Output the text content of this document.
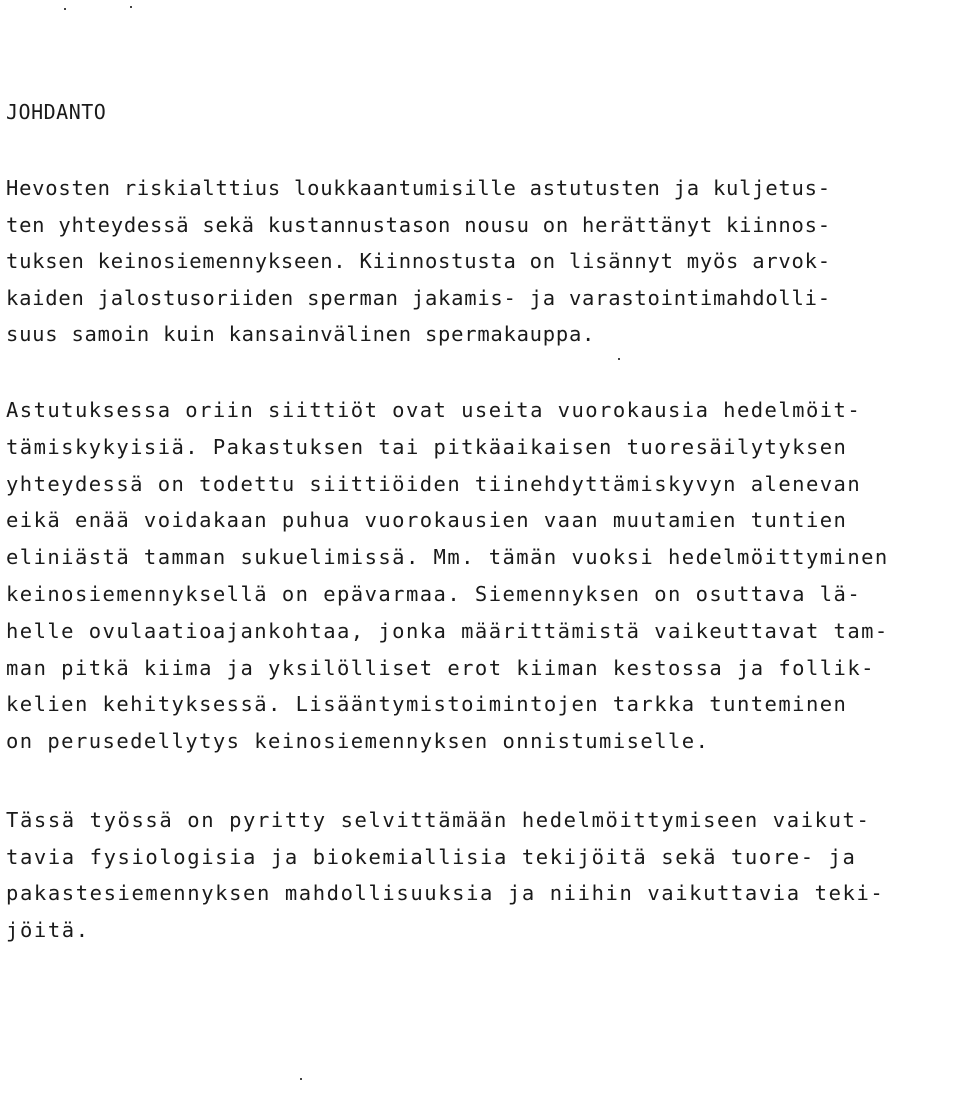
JOHDANTO
Hevosten riskialttius loukkaantumisille astutusten ja kuljetus-
ten yhteydessä sekä kustannustason nousu on herättänyt kiinnos-
tuksen keinosiemennykseen. Kiinnostusta on lisännyt myös arvok-
kaiden jalostusoriiden sperman jakamis- ja varastointimahdolli-
suus samoin kuin kansainvälinen spermakauppa.
Astutuksessa oriin siittiöt ovat useita vuorokausia hedelmöit-
tämiskykyisiä. Pakastuksen tai pitkäaikaisen tuoresäilytyksen
yhteydessä on todettu siittiöiden tiinehdyttämiskyvyn alenevan
eikä enää voidakaan puhua vuorokausien vaan muutamien tuntien
eliniästä tamman sukuelimissä. Mm. tämän vuoksi hedelmöittyminen
keinosiemennyksellä on epävarmaa. Siemennyksen on osuttava lä-
helle ovulaatioajankohtaa, jonka määrittämistä vaikeuttavat tam-
man pitkä kiima ja yksilölliset erot kiiman kestossa ja follik-
kelien kehityksessä. Lisääntymistoimintojen tarkka tunteminen
on perusedellytys keinosiemennyksen onnistumiselle.
Tässä työssä on pyritty selvittämään hedelmöittymiseen vaikut-
tavia fysiologisia ja biokemiallisia tekijöitä sekä tuore- ja
pakastesiemennyksen mahdollisuuksia ja niihin vaikuttavia teki-
jöitä.
